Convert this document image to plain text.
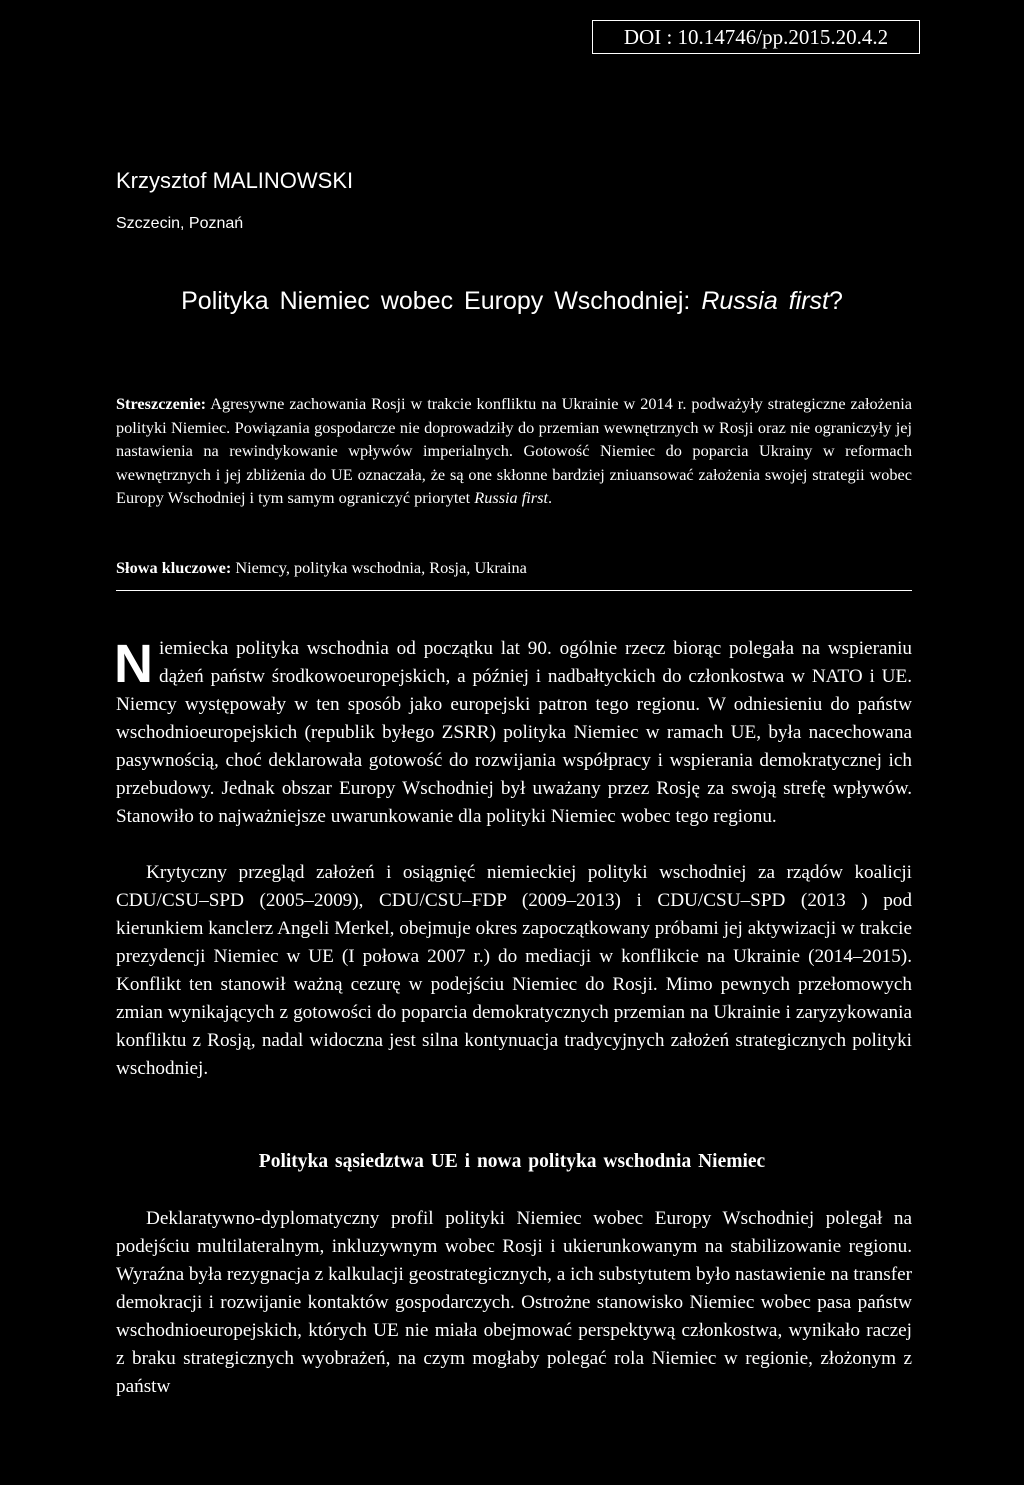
DOI : 10.14746/pp.2015.20.4.2
Krzysztof MALINOWSKI
Szczecin, Poznań
Polityka Niemiec wobec Europy Wschodniej: Russia first?
Streszczenie: Agresywne zachowania Rosji w trakcie konfliktu na Ukrainie w 2014 r. podważyły strategiczne założenia polityki Niemiec. Powiązania gospodarcze nie doprowadziły do przemian wewnętrznych w Rosji oraz nie ograniczyły jej nastawienia na rewindykowanie wpływów imperialnych. Gotowość Niemiec do poparcia Ukrainy w reformach wewnętrznych i jej zbliżenia do UE oznaczała, że są one skłonne bardziej zniuansować założenia swojej strategii wobec Europy Wschodniej i tym samym ograniczyć priorytet Russia first.
Słowa kluczowe: Niemcy, polityka wschodnia, Rosja, Ukraina

Niemiecka polityka wschodnia od początku lat 90. ogólnie rzecz biorąc polegała na wspieraniu dążeń państw środkowoeuropejskich, a później i nadbałtyckich do członkostwa w NATO i UE. Niemcy występowały w ten sposób jako europejski patron tego regionu. W odniesieniu do państw wschodnioeuropejskich (republik byłego ZSRR) polityka Niemiec w ramach UE, była nacechowana pasywnością, choć deklarowała gotowość do rozwijania współpracy i wspierania demokratycznej ich przebudowy. Jednak obszar Europy Wschodniej był uważany przez Rosję za swoją strefę wpływów. Stanowiło to najważniejsze uwarunkowanie dla polityki Niemiec wobec tego regionu.

Krytyczny przegląd założeń i osiągnięć niemieckiej polityki wschodniej za rządów koalicji CDU/CSU–SPD (2005–2009), CDU/CSU–FDP (2009–2013) i CDU/CSU–SPD (2013 ) pod kierunkiem kanclerz Angeli Merkel, obejmuje okres zapoczątkowany próbami jej aktywizacji w trakcie prezydencji Niemiec w UE (I połowa 2007 r.) do mediacji w konflikcie na Ukrainie (2014–2015). Konflikt ten stanowił ważną cezurę w podejściu Niemiec do Rosji. Mimo pewnych przełomowych zmian wynikających z gotowości do poparcia demokratycznych przemian na Ukrainie i zaryzykowania konfliktu z Rosją, nadal widoczna jest silna kontynuacja tradycyjnych założeń strategicznych polityki wschodniej.

Polityka sąsiedztwa UE i nowa polityka wschodnia Niemiec

Deklaratywno-dyplomatyczny profil polityki Niemiec wobec Europy Wschodniej polegał na podejściu multilateralnym, inkluzywnym wobec Rosji i ukierunkowanym na stabilizowanie regionu. Wyraźna była rezygnacja z kalkulacji geostrategicznych, a ich substytutem było nastawienie na transfer demokracji i rozwijanie kontaktów gospodarczych. Ostrożne stanowisko Niemiec wobec pasa państw wschodnioeuropejskich, których UE nie miała obejmować perspektywą członkostwa, wynikało raczej z braku strategicznych wyobrażeń, na czym mogłaby polegać rola Niemiec w regionie, złożonym z państw
